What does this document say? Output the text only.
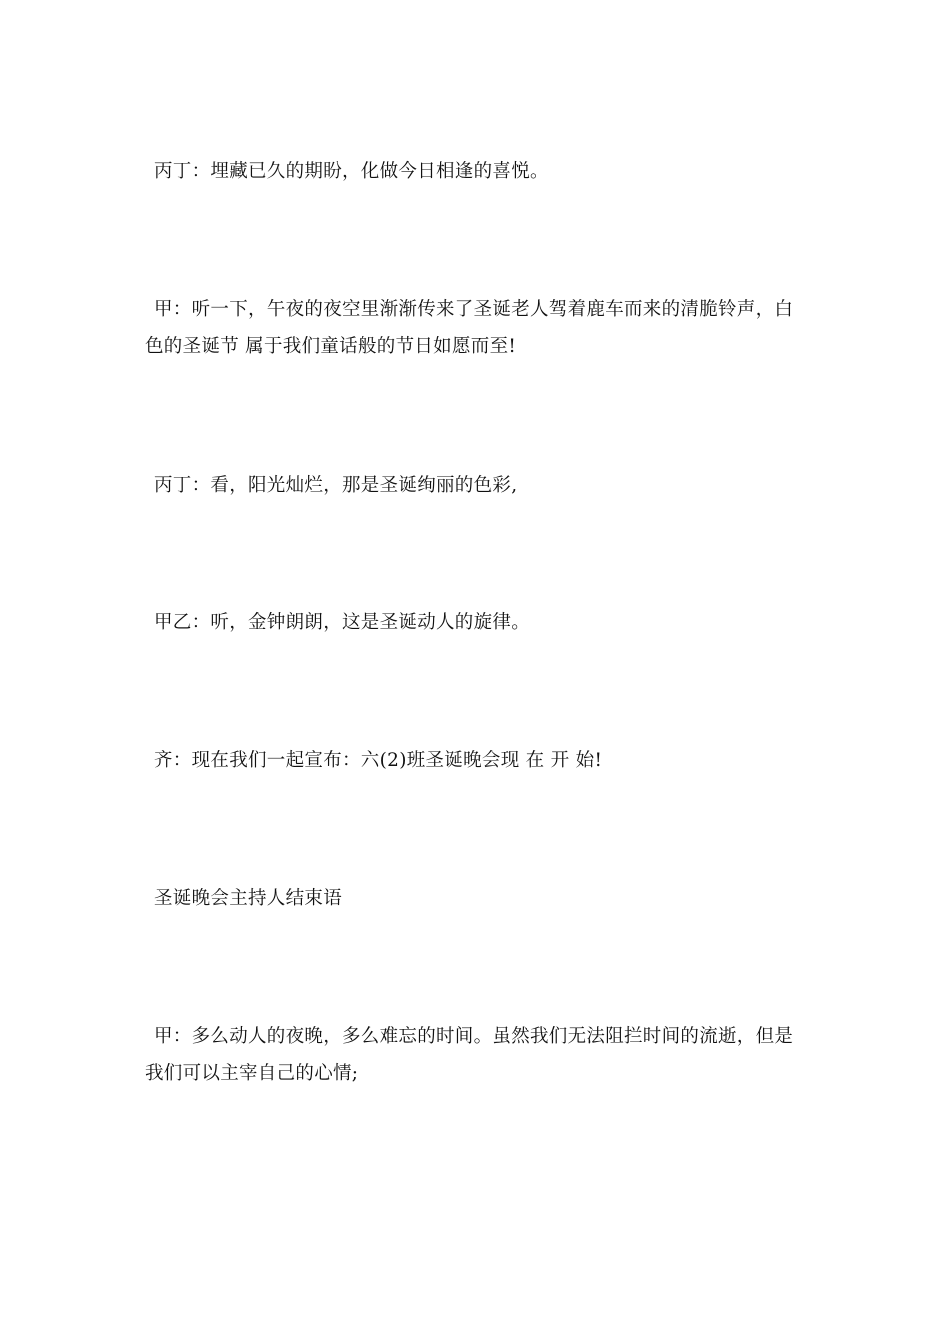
丙丁：埋藏已久的期盼，化做今日相逢的喜悦。

甲：听一下，午夜的夜空里渐渐传来了圣诞老人驾着鹿车而来的清脆铃声，白色的圣诞节 属于我们童话般的节日如愿而至!

丙丁：看，阳光灿烂，那是圣诞绚丽的色彩,

甲乙：听，金钟朗朗，这是圣诞动人的旋律。

齐：现在我们一起宣布：六(2)班圣诞晚会现 在 开 始!

圣诞晚会主持人结束语

甲：多么动人的夜晚，多么难忘的时间。虽然我们无法阻拦时间的流逝，但是我们可以主宰自己的心情;
